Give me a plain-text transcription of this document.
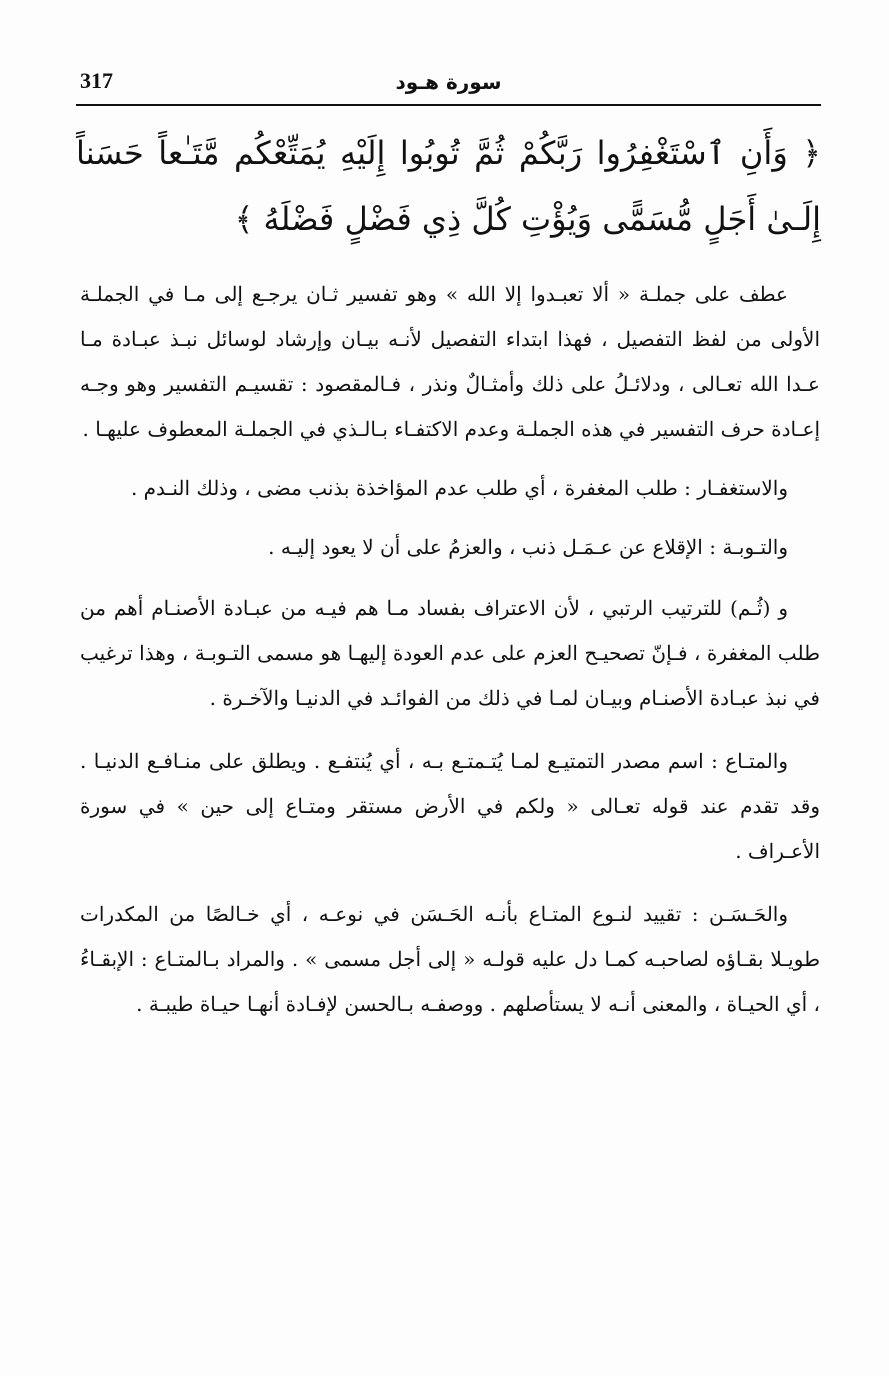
317	سورة هـود
﴿ وَأَنِ ٱسْتَغْفِرُوا رَبَّكُمْ ثُمَّ تُوبُوا إِلَيْهِ يُمَتِّعْكُم مَّتَـٰعاً حَسَناً إِلَـىٰ أَجَلٍ مُّسَمًّى وَيُؤْتِ كُلَّ ذِي فَضْلٍ فَضْلَهُ ﴾

عطف على جملـة « ألا تعبـدوا إلا الله » وهو تفسير ثـان يرجـع إلى مـا في الجملـة الأولى من لفظ التفصيل ، فهذا ابتداء التفصيل لأنـه بيـان وإرشاد لوسائل نبـذ عبـادة مـا عـدا الله تعـالى ، ودلائـلُ على ذلك وأمثـالٌ ونذر ، فـالمقصود : تقسيـم التفسير وهو وجـه إعـادة حرف التفسير في هذه الجملـة وعدم الاكتفـاء بـالـذي في الجملـة المعطوف عليهـا .

والاستغفـار : طلب المغفرة ، أي طلب عدم المؤاخذة بذنب مضى ، وذلك النـدم .

والتـوبـة : الإقلاع عن عـمَـل ذنب ، والعزمُ على أن لا يعود إليـه .

و (ثُـم) للترتيب الرتبي ، لأن الاعتراف بفساد مـا هم فيـه من عبـادة الأصنـام أهم من طلب المغفرة ، فـإنّ تصحيـح العزم على عدم العودة إليهـا هو مسمى التـوبـة ، وهذا ترغيب في نبذ عبـادة الأصنـام وبيـان لمـا في ذلك من الفوائـد في الدنيـا والآخـرة .

والمتـاع : اسم مصدر التمتيـع لمـا يُتـمتـع بـه ، أي يُنتفـع . ويطلق على منـافـع الدنيـا . وقد تقدم عند قوله تعـالى « ولكم في الأرض مستقر ومتـاع إلى حين » في سورة الأعـراف .

والحَـسَـن : تقييد لنـوع المتـاع بأنـه الحَـسَن في نوعـه ، أي خـالصًا من المكدرات طويـلا بقـاؤه لصاحبـه كمـا دل عليه قولـه « إلى أجل مسمى » . والمراد بـالمتـاع : الإبقـاءُ ، أي الحيـاة ، والمعنى أنـه لا يستأصلهم . ووصفـه بـالحسن لإفـادة أنهـا حيـاة طيبـة .
